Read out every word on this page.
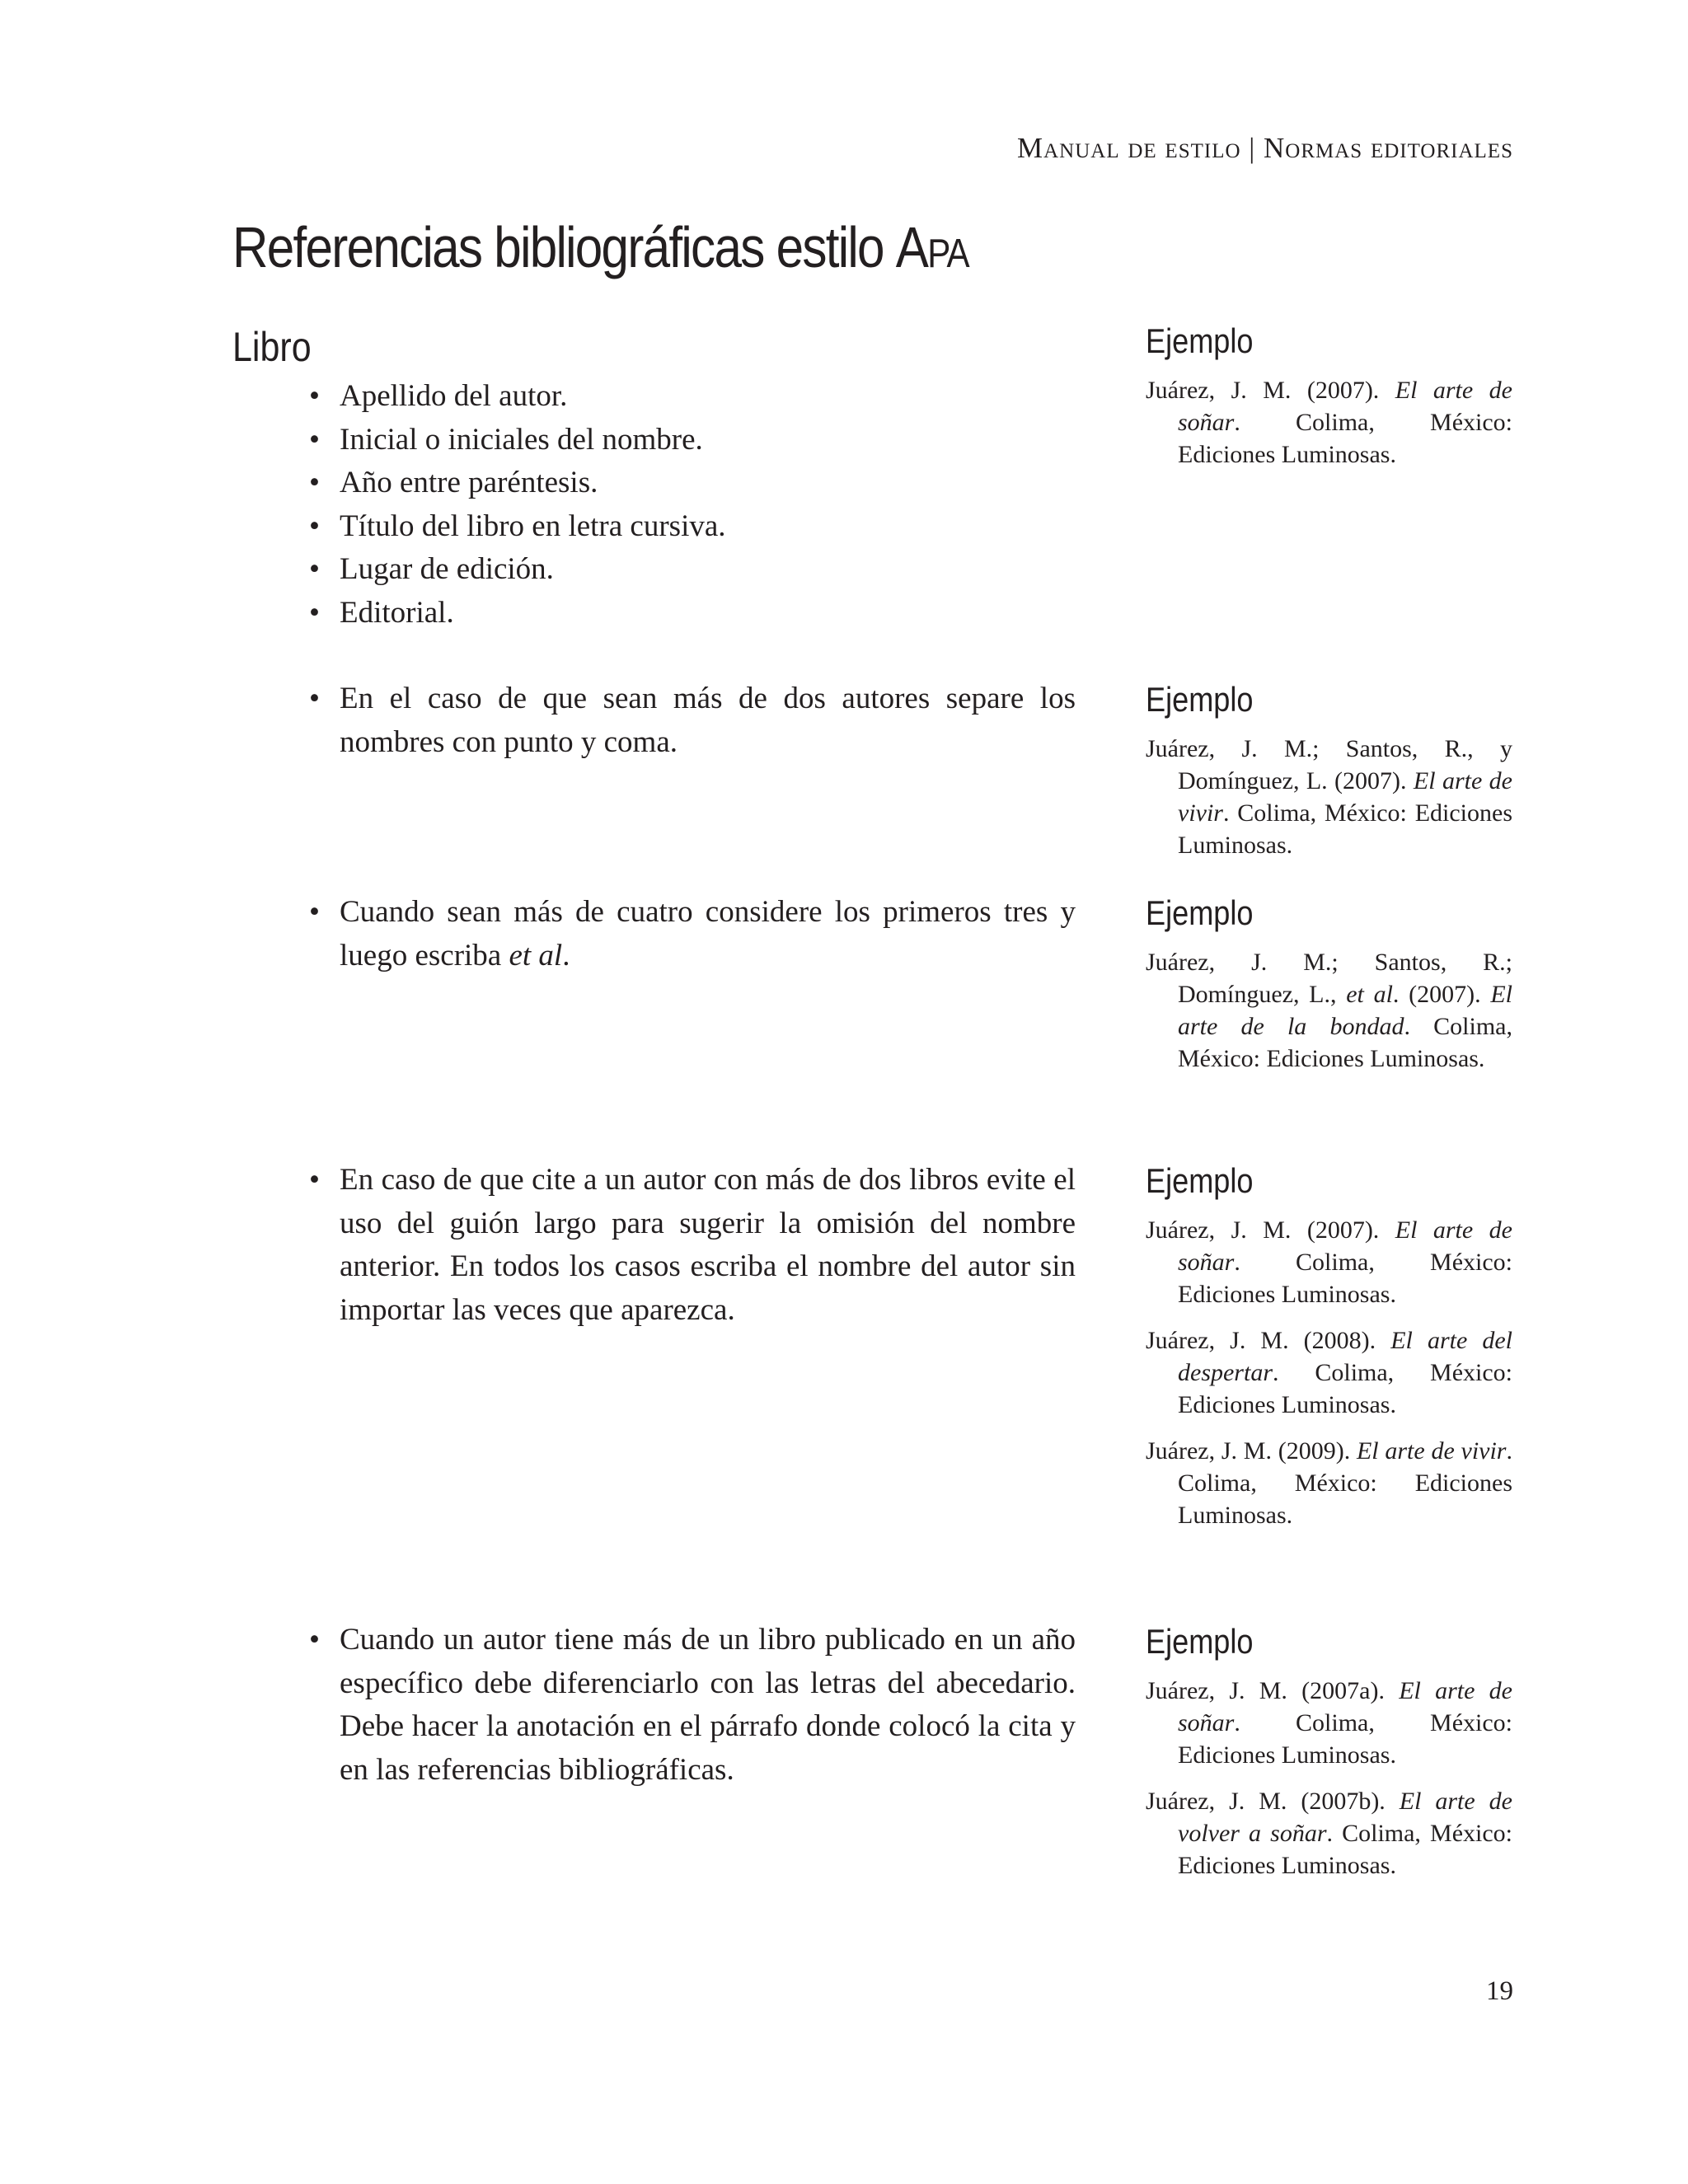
Manual de estilo | Normas editoriales
Referencias bibliográficas estilo Apa
Libro
• Apellido del autor.
• Inicial o iniciales del nombre.
• Año entre paréntesis.
• Título del libro en letra cursiva.
• Lugar de edición.
• Editorial.
• En el caso de que sean más de dos autores separe los nombres con punto y coma.
• Cuando sean más de cuatro considere los primeros tres y luego escriba et al.
• En caso de que cite a un autor con más de dos libros evite el uso del guión largo para sugerir la omisión del nombre anterior. En todos los casos escriba el nombre del autor sin importar las veces que aparezca.
• Cuando un autor tiene más de un libro publicado en un año específico debe diferenciarlo con las letras del abecedario. Debe hacer la anotación en el párrafo donde colocó la cita y en las referencias bibliográficas.
Ejemplo

Juárez, J. M. (2007). El arte de soñar. Colima, México: Ediciones Luminosas.

Ejemplo

Juárez, J. M.; Santos, R., y Domínguez, L. (2007). El arte de vivir. Colima, México: Ediciones Luminosas.

Ejemplo

Juárez, J. M.; Santos, R.; Domínguez, L., et al. (2007). El arte de la bondad. Colima, México: Ediciones Luminosas.

Ejemplo

Juárez, J. M. (2007). El arte de soñar. Colima, México: Ediciones Luminosas.

Juárez, J. M. (2008). El arte del despertar. Colima, México: Ediciones Luminosas.

Juárez, J. M. (2009). El arte de vivir. Colima, México: Ediciones Luminosas.

Ejemplo

Juárez, J. M. (2007a). El arte de soñar. Colima, México: Ediciones Luminosas.

Juárez, J. M. (2007b). El arte de volver a soñar. Colima, México: Ediciones Luminosas.

19
